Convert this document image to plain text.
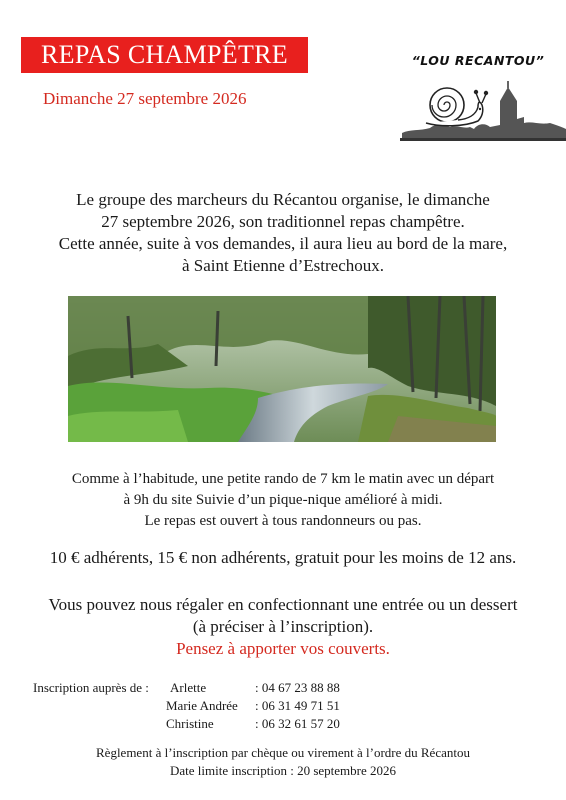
REPAS CHAMPÊTRE
Dimanche 27 septembre 2026
“LOU RECANTOU”
Le groupe des marcheurs du Récantou organise, le dimanche
27 septembre 2026, son traditionnel repas champêtre.
Cette année, suite à vos demandes, il aura lieu au bord de la mare,
à Saint Etienne d’Estrechoux.
Comme à l’habitude, une petite rando de 7 km le matin avec un départ
à 9h du site Suivie d’un pique-nique amélioré à midi.
Le repas est ouvert à tous randonneurs ou pas.
10 € adhérents, 15 € non adhérents, gratuit pour les moins de 12 ans.
Vous pouvez nous régaler en confectionnant une entrée ou un dessert
(à préciser à l’inscription).
Pensez à apporter vos couverts.
Inscription auprès de :	Arlette	: 04 67 23 88 88
	Marie Andrée	: 06 31 49 71 51
	Christine	: 06 32 61 57 20
Règlement à l’inscription par chèque ou virement à l’ordre du Récantou
Date limite inscription : 20 septembre 2026
